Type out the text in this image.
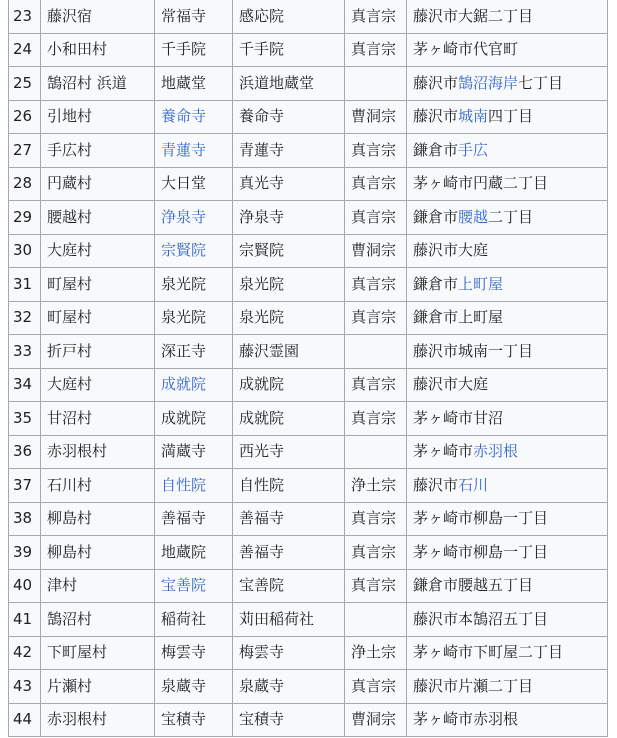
23	藤沢宿	常福寺	感応院	真言宗	藤沢市大鋸二丁目
24	小和田村	千手院	千手院	真言宗	茅ヶ崎市代官町
25	鵠沼村 浜道	地蔵堂	浜道地蔵堂		藤沢市鵠沼海岸七丁目
26	引地村	養命寺	養命寺	曹洞宗	藤沢市城南四丁目
27	手広村	青蓮寺	青蓮寺	真言宗	鎌倉市手広
28	円蔵村	大日堂	真光寺	真言宗	茅ヶ崎市円蔵二丁目
29	腰越村	浄泉寺	浄泉寺	真言宗	鎌倉市腰越二丁目
30	大庭村	宗賢院	宗賢院	曹洞宗	藤沢市大庭
31	町屋村	泉光院	泉光院	真言宗	鎌倉市上町屋
32	町屋村	泉光院	泉光院	真言宗	鎌倉市上町屋
33	折戸村	深正寺	藤沢霊園		藤沢市城南一丁目
34	大庭村	成就院	成就院	真言宗	藤沢市大庭
35	甘沼村	成就院	成就院	真言宗	茅ヶ崎市甘沼
36	赤羽根村	満蔵寺	西光寺		茅ヶ崎市赤羽根
37	石川村	自性院	自性院	浄土宗	藤沢市石川
38	柳島村	善福寺	善福寺	真言宗	茅ヶ崎市柳島一丁目
39	柳島村	地蔵院	善福寺	真言宗	茅ヶ崎市柳島一丁目
40	津村	宝善院	宝善院	真言宗	鎌倉市腰越五丁目
41	鵠沼村	稲荷社	苅田稲荷社		藤沢市本鵠沼五丁目
42	下町屋村	梅雲寺	梅雲寺	浄土宗	茅ヶ崎市下町屋二丁目
43	片瀬村	泉蔵寺	泉蔵寺	真言宗	藤沢市片瀬二丁目
44	赤羽根村	宝積寺	宝積寺	曹洞宗	茅ヶ崎市赤羽根
